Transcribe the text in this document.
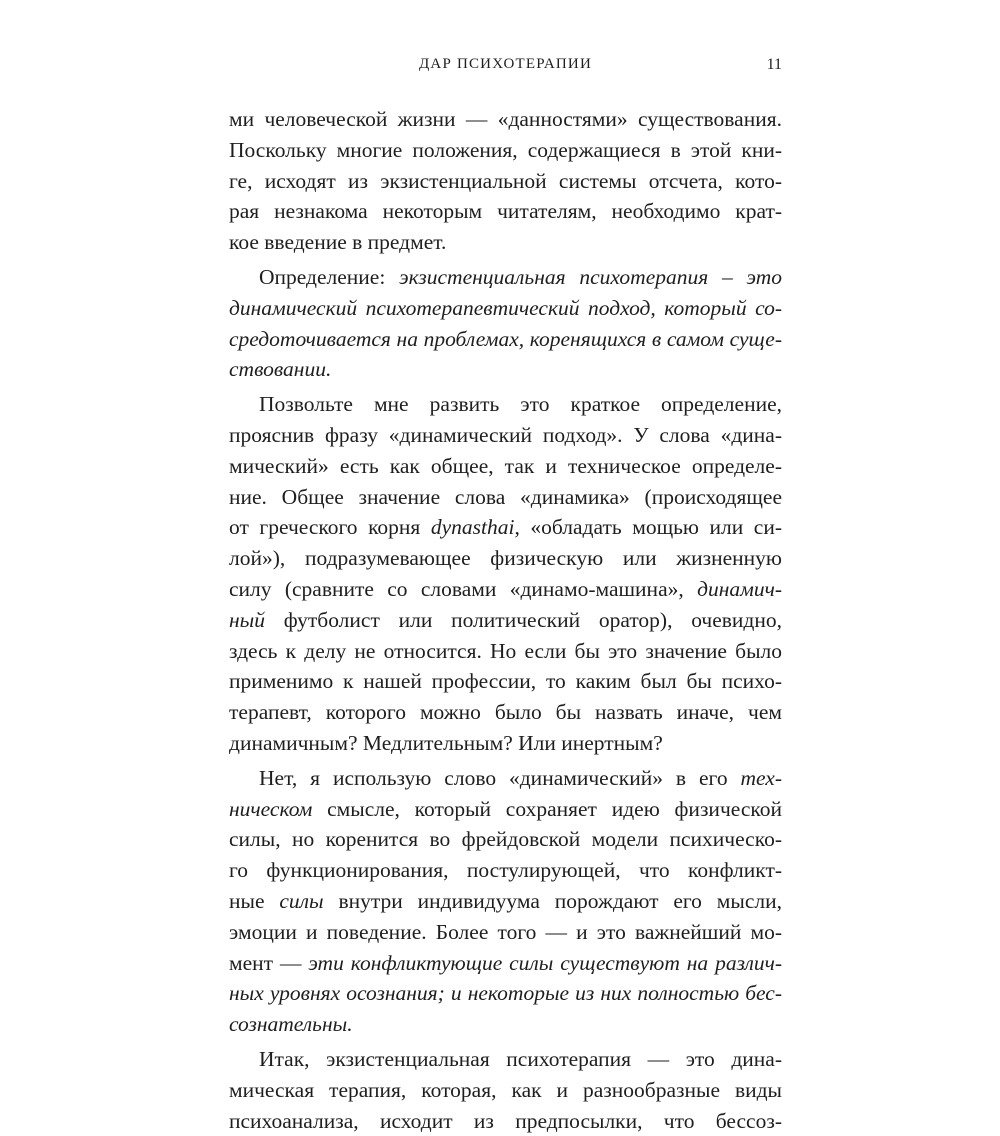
ДАР ПСИХОТЕРАПИИ	11

ми человеческой жизни — «данностями» существования.
Поскольку многие положения, содержащиеся в этой кни-
ге, исходят из экзистенциальной системы отсчета, кото-
рая незнакома некоторым читателям, необходимо крат-
кое введение в предмет.

Определение: экзистенциальная психотерапия – это
динамический психотерапевтический подход, который со-
средоточивается на проблемах, коренящихся в самом суще-
ствовании.

Позвольте мне развить это краткое определение,
прояснив фразу «динамический подход». У слова «дина-
мический» есть как общее, так и техническое определе-
ние. Общее значение слова «динамика» (происходящее
от греческого корня dynasthai, «обладать мощью или си-
лой»), подразумевающее физическую или жизненную
силу (сравните со словами «динамо-машина», динамич-
ный футболист или политический оратор), очевидно,
здесь к делу не относится. Но если бы это значение было
применимо к нашей профессии, то каким был бы психо-
терапевт, которого можно было бы назвать иначе, чем
динамичным? Медлительным? Или инертным?

Нет, я использую слово «динамический» в его тех-
ническом смысле, который сохраняет идею физической
силы, но коренится во фрейдовской модели психическо-
го функционирования, постулирующей, что конфликт-
ные силы внутри индивидуума порождают его мысли,
эмоции и поведение. Более того — и это важнейший мо-
мент — эти конфликтующие силы существуют на различ-
ных уровнях осознания; и некоторые из них полностью бес-
сознательны.

Итак, экзистенциальная психотерапия — это дина-
мическая терапия, которая, как и разнообразные виды
психоанализа, исходит из предпосылки, что бессоз-
